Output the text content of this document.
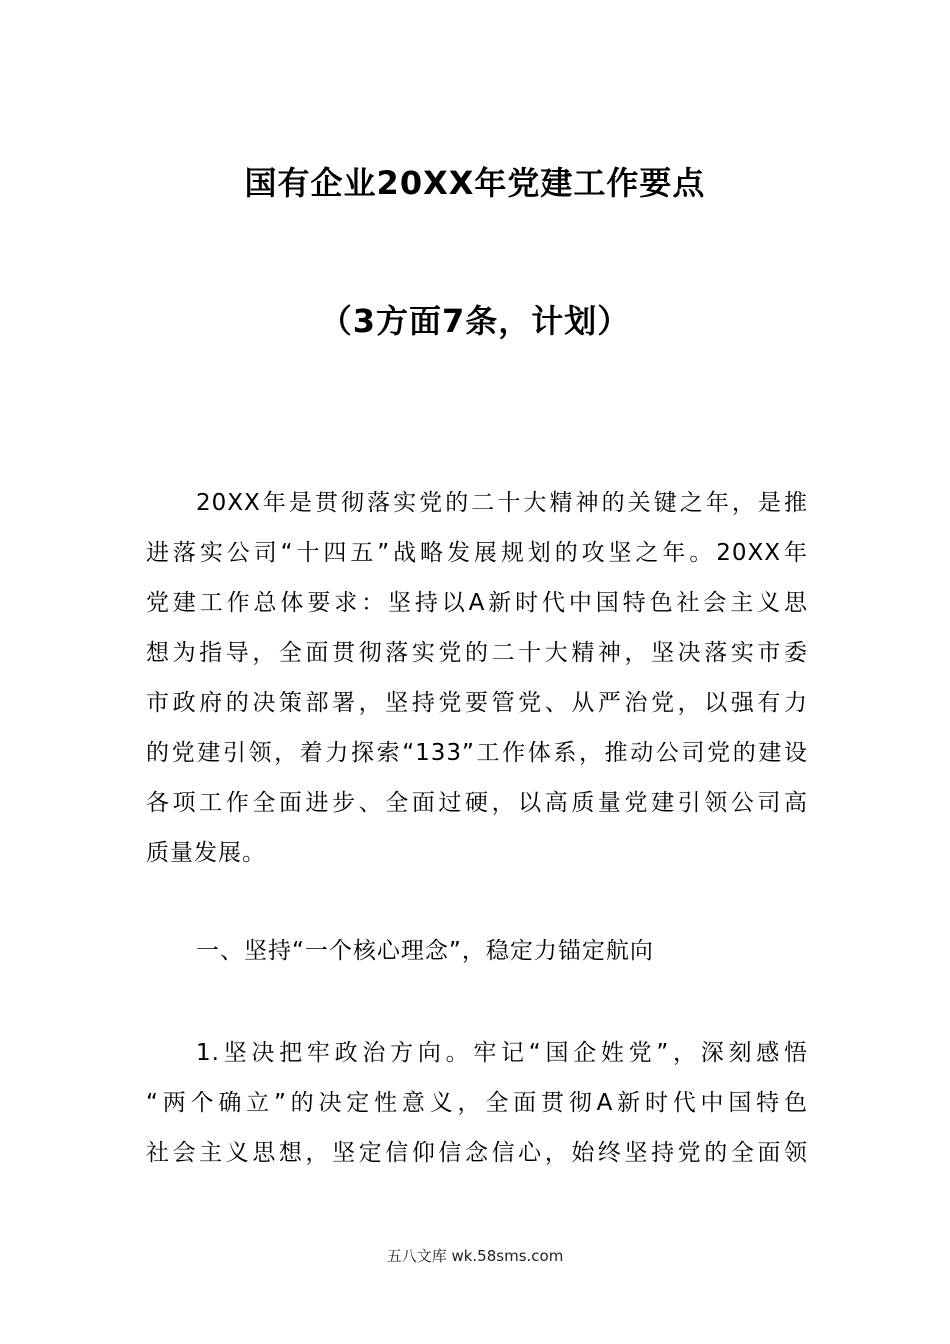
国有企业20XX年党建工作要点
（3方面7条，计划）
20XX年是贯彻落实党的二十大精神的关键之年，是推
进落实公司“十四五”战略发展规划的攻坚之年。20XX年
党建工作总体要求：坚持以A新时代中国特色社会主义思
想为指导，全面贯彻落实党的二十大精神，坚决落实市委
市政府的决策部署，坚持党要管党、从严治党，以强有力
的党建引领，着力探索“133”工作体系，推动公司党的建设
各项工作全面进步、全面过硬，以高质量党建引领公司高
质量发展。
一、坚持“一个核心理念”，稳定力锚定航向
1.坚决把牢政治方向。牢记“国企姓党”，深刻感悟
“两个确立”的决定性意义，全面贯彻A新时代中国特色
社会主义思想，坚定信仰信念信心，始终坚持党的全面领
五八文库 wk.58sms.com
